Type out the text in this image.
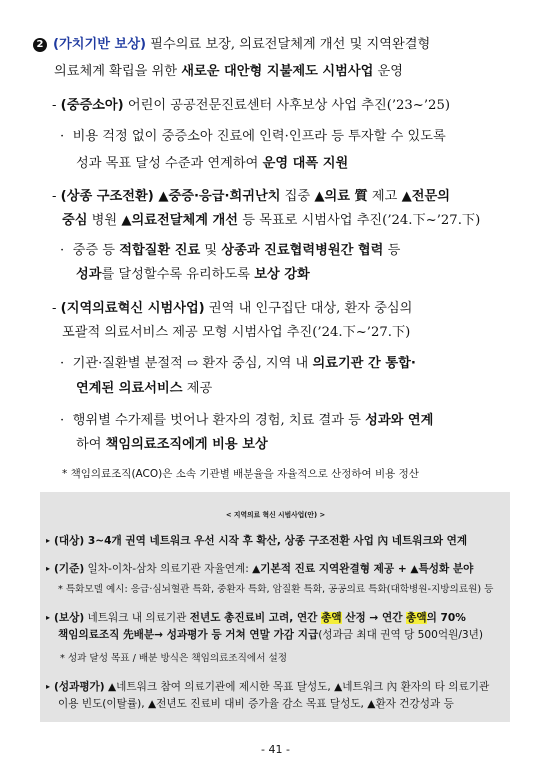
2 (가치기반 보상) 필수의료 보장, 의료전달체계 개선 및 지역완결형
의료체계 확립을 위한 새로운 대안형 지불제도 시범사업 운영
- (중증소아) 어린이 공공전문진료센터 사후보상 사업 추진(’23~’25)
· 비용 걱정 없이 중증소아 진료에 인력·인프라 등 투자할 수 있도록
성과 목표 달성 수준과 연계하여 운영 대폭 지원
- (상종 구조전환) ▲중증·응급·희귀난치 집중 ▲의료 質 제고 ▲전문의
중심 병원 ▲의료전달체계 개선 등 목표로 시범사업 추진(’24.下~’27.下)
· 중증 등 적합질환 진료 및 상종과 진료협력병원간 협력 등
성과를 달성할수록 유리하도록 보상 강화
- (지역의료혁신 시범사업) 권역 내 인구집단 대상, 환자 중심의
포괄적 의료서비스 제공 모형 시범사업 추진(’24.下~’27.下)
· 기관·질환별 분절적 ⇨ 환자 중심, 지역 내 의료기관 간 통합·
연계된 의료서비스 제공
· 행위별 수가제를 벗어나 환자의 경험, 치료 결과 등 성과와 연계
하여 책임의료조직에게 비용 보상
* 책임의료조직(ACO)은 소속 기관별 배분율을 자율적으로 산정하여 비용 정산
< 지역의료 혁신 시범사업(안) >
▸ (대상) 3~4개 권역 네트워크 우선 시작 후 확산, 상종 구조전환 사업 內 네트워크와 연계
▸ (기준) 일차-이차-삼차 의료기관 자율연계: ▲기본적 진료 지역완결형 제공 + ▲특성화 분야
* 특화모델 예시: 응급·심뇌혈관 특화, 중환자 특화, 암질환 특화, 공공의료 특화(대학병원-지방의료원) 등
▸ (보상) 네트워크 내 의료기관 전년도 총진료비 고려, 연간 총액 산정 → 연간 총액의 70%
책임의료조직 先배분→ 성과평가 등 거쳐 연말 가감 지급(성과금 최대 권역 당 500억원/3년)
* 성과 달성 목표 / 배분 방식은 책임의료조직에서 설정
▸ (성과평가) ▲네트워크 참여 의료기관에 제시한 목표 달성도, ▲네트워크 內 환자의 타 의료기관
이용 빈도(이탈률), ▲전년도 진료비 대비 증가율 감소 목표 달성도, ▲환자 건강성과 등
- 41 -
